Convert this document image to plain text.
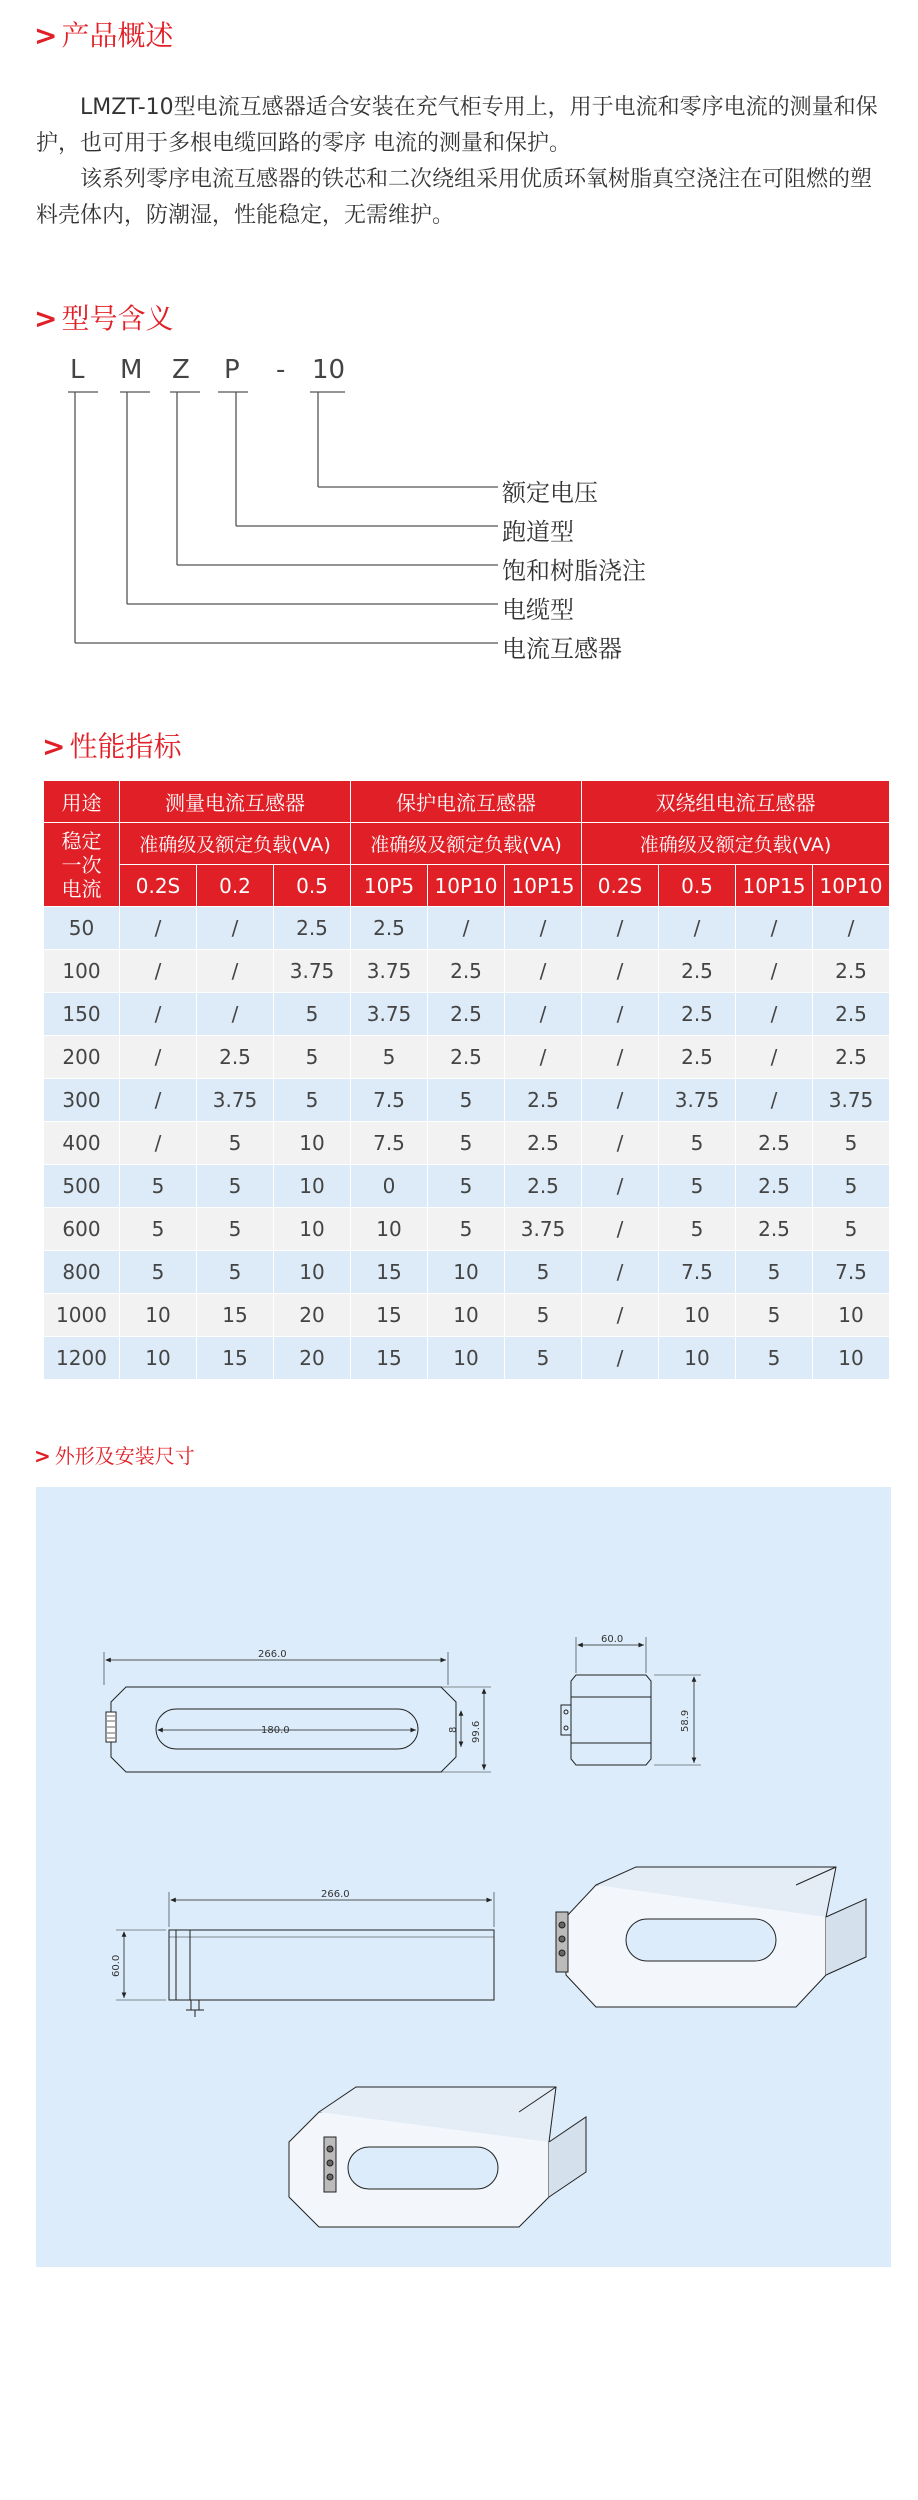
> 产品概述

LMZT-10型电流互感器适合安装在充气柜专用上，用于电流和零序电流的测量和保护，也可用于多根电缆回路的零序 电流的测量和保护。

该系列零序电流互感器的铁芯和二次绕组采用优质环氧树脂真空浇注在可阻燃的塑料壳体内，防潮湿，性能稳定，无需维护。

> 型号含义
L M Z P - 10
额定电压
跑道型
饱和树脂浇注
电缆型
电流互感器
> 性能指标
用途	测量电流互感器			保护电流互感器			双绕组电流互感器			
稳定一次电流	准确级及额定负载(VA)			准确级及额定负载(VA)			准确级及额定负载(VA)			
	0.2S	0.2	0.5	10P5	10P10	10P15	0.2S	0.5	10P15	10P10
50	/	/	2.5	2.5	/	/	/	/	/	/
100	/	/	3.75	3.75	2.5	/	/	2.5	/	2.5
150	/	/	5	3.75	2.5	/	/	2.5	/	2.5
200	/	2.5	5	5	2.5	/	/	2.5	/	2.5
300	/	3.75	5	7.5	5	2.5	/	3.75	/	3.75
400	/	5	10	7.5	5	2.5	/	5	2.5	5
500	5	5	10	0	5	2.5	/	5	2.5	5
600	5	5	10	10	5	3.75	/	5	2.5	5
800	5	5	10	15	10	5	/	7.5	5	7.5
1000	10	15	20	15	10	5	/	10	5	10
1200	10	15	20	15	10	5	/	10	5	10
> 外形及安装尺寸
266.0
180.0	8 99.6
60.0
58.9
266.0
60.0
